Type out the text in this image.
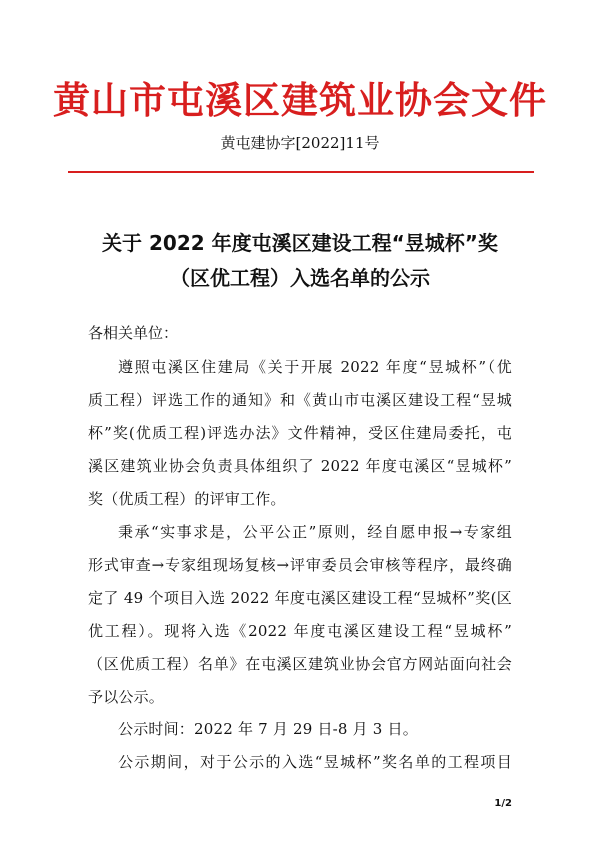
黄山市屯溪区建筑业协会文件
黄屯建协字[2022]11号
关于 2022 年度屯溪区建设工程“昱城杯”奖
（区优工程）入选名单的公示
各相关单位：
遵照屯溪区住建局《关于开展 2022 年度“昱城杯”（优
质工程）评选工作的通知》和《黄山市屯溪区建设工程“昱城
杯”奖(优质工程)评选办法》文件精神，受区住建局委托，屯
溪区建筑业协会负责具体组织了 2022 年度屯溪区“昱城杯”
奖（优质工程）的评审工作。
秉承“实事求是，公平公正”原则，经自愿申报→专家组
形式审查→专家组现场复核→评审委员会审核等程序，最终确
定了 49 个项目入选 2022 年度屯溪区建设工程“昱城杯”奖(区
优工程）。现将入选《2022 年度屯溪区建设工程“昱城杯”
（区优质工程）名单》在屯溪区建筑业协会官方网站面向社会
予以公示。
公示时间：2022 年 7 月 29 日-8 月 3 日。
公示期间，对于公示的入选“昱城杯”奖名单的工程项目
1/2
